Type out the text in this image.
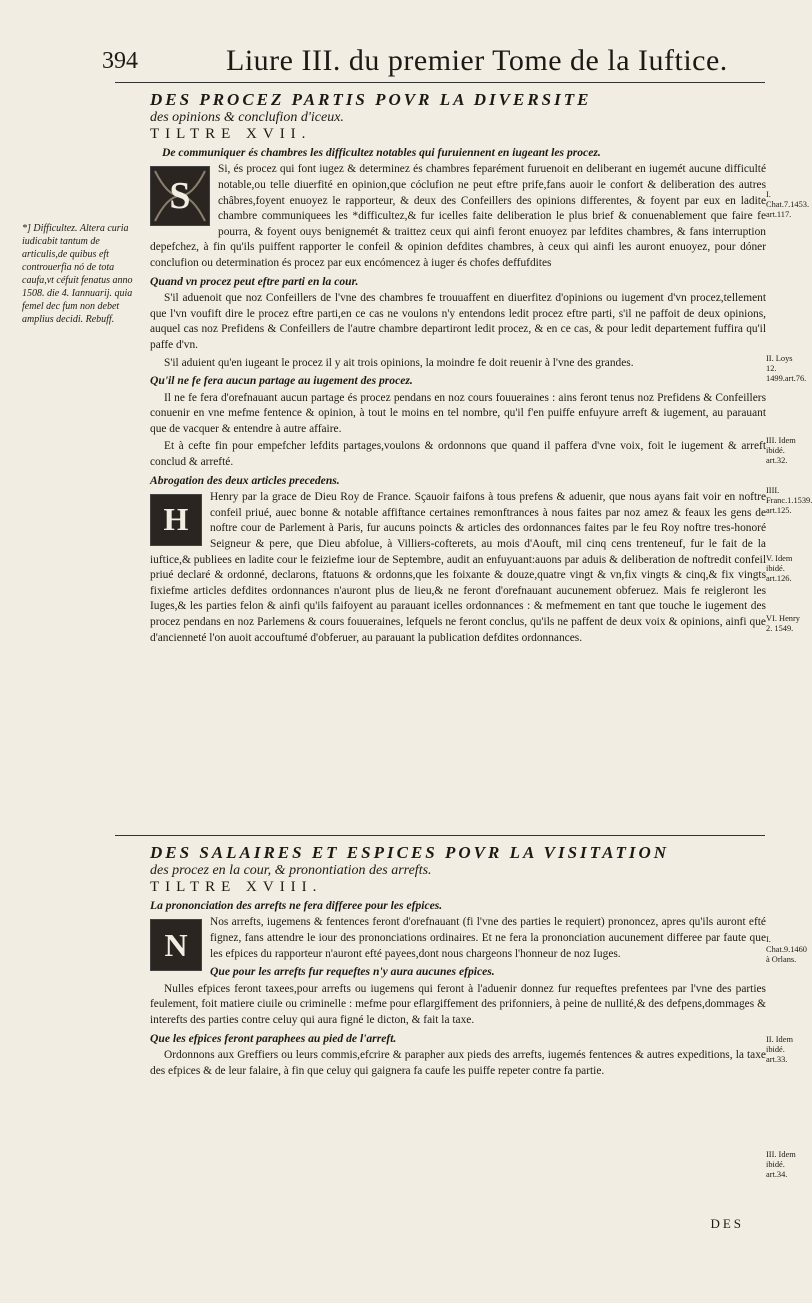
394	Liure III. du premier Tome de la Iuftice.

DES PROCEZ PARTIS POVR LA DIVERSITE

des opinions & conclufion d'iceux.

TILTRE XVII.

De communiquer és chambres les difficultez notables qui furuiennent en iugeant les procez.

S

Si, és procez qui font iugez & determinez és chambres feparément furuenoit en deliberant en iugemét aucune difficulté notable,ou telle diuerfité en opinion,que cóclufion ne peut eftre prife,fans auoir le confort & deliberation des autres châbres,foyent enuoyez le rapporteur, & deux des Confeillers des opinions differentes, & foyent par eux en ladite chambre communiquees les *difficultez,& fur icelles faite deliberation le plus brief & conuenablement que faire fe pourra, & foyent ouys benignemét & traittez ceux qui ainfi feront enuoyez par lefdites chambres, & fans interruption depefchez, à fin qu'ils puiffent rapporter le confeil & opinion defdites chambres, à ceux qui ainfi les auront enuoyez, pour dóner conclufion ou determination és procez par eux encómencez à iuger és chofes deffufdites

Quand vn procez peut eftre parti en la cour.

S'il aduenoit que noz Confeillers de l'vne des chambres fe trouuaffent en diuerfitez d'opinions ou iugement d'vn procez,tellement que l'vn voufift dire le procez eftre parti,en ce cas ne voulons n'y entendons ledit procez eftre parti, s'il ne paffoit de deux opinions, auquel cas noz Prefidens & Confeillers de l'autre chambre departiront ledit procez, & en ce cas, & pour ledit departement fuffira qu'il paffe d'vn.

S'il aduient qu'en iugeant le procez il y ait trois opinions, la moindre fe doit reuenir à l'vne des grandes.

Qu'il ne fe fera aucun partage au iugement des procez.

Il ne fe fera d'orefnauant aucun partage és procez pendans en noz cours fouueraines : ains feront tenus noz Prefidens & Confeillers conuenir en vne mefme fentence & opinion, à tout le moins en tel nombre, qu'il f'en puiffe enfuyure arreft & iugement, au parauant que de vacquer & entendre à autre affaire.

Et à cefte fin pour empefcher lefdits partages,voulons & ordonnons que quand il paffera d'vne voix, foit le iugement & arreft conclud & arrefté.

Abrogation des deux articles precedens.

H

Henry par la grace de Dieu Roy de France. Sçauoir faifons à tous prefens & aduenir, que nous ayans fait voir en noftre confeil priué, auec bonne & notable affiftance certaines remonftrances à nous faites par noz amez & feaux les gens de noftre cour de Parlement à Paris, fur aucuns poincts & articles des ordonnances faites par le feu Roy noftre tres-honoré Seigneur & pere, que Dieu abfolue, à Villiers-cofterets, au mois d'Aouft, mil cinq cens trenteneuf, fur le fait de la iuftice,& publiees en ladite cour le feiziefme iour de Septembre, audit an enfuyuant:auons par aduis & deliberation de noftredit confeil priué declaré & ordonné, declarons, ftatuons & ordonns,que les foixante & douze,quatre vingt & vn,fix vingts & cinq,& fix vingts fixiefme articles defdites ordonnances n'auront plus de lieu,& ne feront d'orefnauant aucunement obferuez. Mais fe reigleront les Iuges,& les parties felon & ainfi qu'ils faifoyent au parauant icelles ordonnances : & mefmement en tant que touche le iugement des procez pendans en noz Parlemens & cours fouueraines, lefquels ne feront conclus, qu'ils ne paffent de deux voix & opinions, ainfi que d'ancienneté l'on auoit accouftumé d'obferuer, au parauant la publication defdites ordonnances.

DES SALAIRES ET ESPICES POVR LA VISITATION

des procez en la cour, & pronontiation des arrefts.

TILTRE XVIII.

La prononciation des arrefts ne fera differee pour les efpices.

N

Nos arrefts, iugemens & fentences feront d'orefnauant (fi l'vne des parties le requiert) prononcez, apres qu'ils auront efté fignez, fans attendre le iour des prononciations ordinaires. Et ne fera la prononciation aucunement differee par faute que les efpices du rapporteur n'auront efté payees,dont nous chargeons l'honneur de noz Iuges.

Que pour les arrefts fur requeftes n'y aura aucunes efpices.

Nulles efpices feront taxees,pour arrefts ou iugemens qui feront à l'aduenir donnez fur requeftes prefentees par l'vne des parties feulement, foit matiere ciuile ou criminelle : mefme pour eflargiffement des prifonniers, à peine de nullité,& des defpens,dommages & interefts des parties contre celuy qui aura figné le dicton, & fait la taxe.

Que les efpices feront paraphees au pied de l'arreft.

Ordonnons aux Greffiers ou leurs commis,efcrire & parapher aux pieds des arrefts, iugemés fentences & autres expeditions, la taxe des efpices & de leur falaire, à fin que celuy qui gaignera fa caufe les puiffe repeter contre fa partie.

DES
*] Difficultez. Altera curia iudicabit tantum de articulis,de quibus eft controuerfia nó de tota caufa,vt céfuit fenatus anno 1508. die 4. Iannuarij. quia femel dec fum non debet amplius decidi. Rebuff.
I. Chat.7.1453. art.117.
II. Loys 12. 1499.art.76.
III. Idem ibidé. art.32.
IIII. Franc.1.1539. art.125.
V. Idem ibidé. art.126.
VI. Henry 2. 1549.
I. Chat.9.1460 à Orlans.
II. Idem ibidé. art.33.
III. Idem ibidé. art.34.
